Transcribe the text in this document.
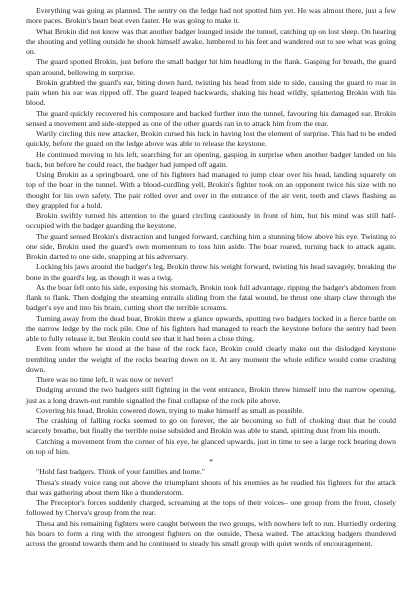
Everything was going as planned. The sentry on the ledge had not spotted him yet. He was almost there, just a few more paces. Brokin's heart beat even faster. He was going to make it.

What Brokin did not know was that another badger lounged inside the tunnel, catching up on lost sleep. On hearing the shouting and yelling outside he shook himself awake, lumbered to his feet and wandered out to see what was going on.

The guard spotted Brokin, just before the small badger hit him headlong in the flank. Gasping for breath, the guard span around, bellowing in surprise.

Brokin grabbed the guard's ear, biting down hard, twisting his head from side to side, causing the guard to roar in pain when his ear was ripped off. The guard leaped backwards, shaking his head wildly, splattering Brokin with his blood.

The guard quickly recovered his composure and backed further into the tunnel, favouring his damaged ear. Brokin sensed a movement and side-stepped as one of the other guards ran in to attack him from the rear.

Warily circling this new attacker, Brokin cursed his luck in having lost the element of surprise. This had to be ended quickly, before the guard on the ledge above was able to release the keystone.

He continued moving to his left, searching for an opening, gasping in surprise when another badger landed on his back, but before he could react, the badger had jumped off again.

Using Brokin as a springboard, one of his fighters had managed to jump clear over his head, landing squarely on top of the boar in the tunnel. With a blood-curdling yell, Brokin's fighter took on an opponent twice his size with no thought for his own safety. The pair rolled over and over in the entrance of the air vent, teeth and claws flashing as they grappled for a hold.

Brokin swiftly turned his attention to the guard circling cautiously in front of him, but his mind was still half-occupied with the badger guarding the keystone.

The guard sensed Brokin's distraction and lunged forward, catching him a stunning blow above his eye. Twisting to one side, Brokin used the guard's own momentum to toss him aside. The boar roared, turning back to attack again. Brokin darted to one side, snapping at his adversary.

Locking his jaws around the badger's leg, Brokin threw his weight forward, twisting his head savagely, breaking the bone in the guard's leg, as though it was a twig.

As the boar fell onto his side, exposing his stomach, Brokin took full advantage, ripping the badger's abdomen from flank to flank. Then dodging the steaming entrails sliding from the fatal wound, he thrust one sharp claw through the badger's eye and into his brain, cutting short the terrible screams.

Turning away from the dead boar, Brokin threw a glance upwards, spotting two badgers locked in a fierce battle on the narrow ledge by the rock pile. One of his fighters had managed to reach the keystone before the sentry had been able to fully release it, but Brokin could see that it had been a close thing.

Even from where he stood at the base of the rock face, Brokin could clearly make out the dislodged keystone trembling under the weight of the rocks bearing down on it. At any moment the whole edifice would come crashing down.

There was no time left, it was now or never!

Dodging around the two badgers still fighting in the vent entrance, Brokin threw himself into the narrow opening, just as a long drawn-out rumble signalled the final collapse of the rock pile above.

Covering his head, Brokin cowered down, trying to make himself as small as possible.

The crashing of falling rocks seemed to go on forever, the air becoming so full of choking dust that he could scarcely breathe, but finally the terrible noise subsided and Brokin was able to stand, spitting dust from his mouth.

Catching a movement from the corner of his eye, he glanced upwards, just in time to see a large rock bearing down on top of him.

*

"Hold fast badgers. Think of your families and home."

Thesa's steady voice rang out above the triumphant shouts of his enemies as he readied his fighters for the attack that was gathering about them like a thunderstorm.

The Preceptor's forces suddenly charged, screaming at the tops of their voices– one group from the front, closely followed by Cherva's group from the rear.

Thesa and his remaining fighters were caught between the two groups, with nowhere left to run. Hurriedly ordering his boars to form a ring with the strongest fighters on the outside, Thesa waited. The attacking badgers thundered across the ground towards them and he continued to steady his small group with quiet words of encouragement.
